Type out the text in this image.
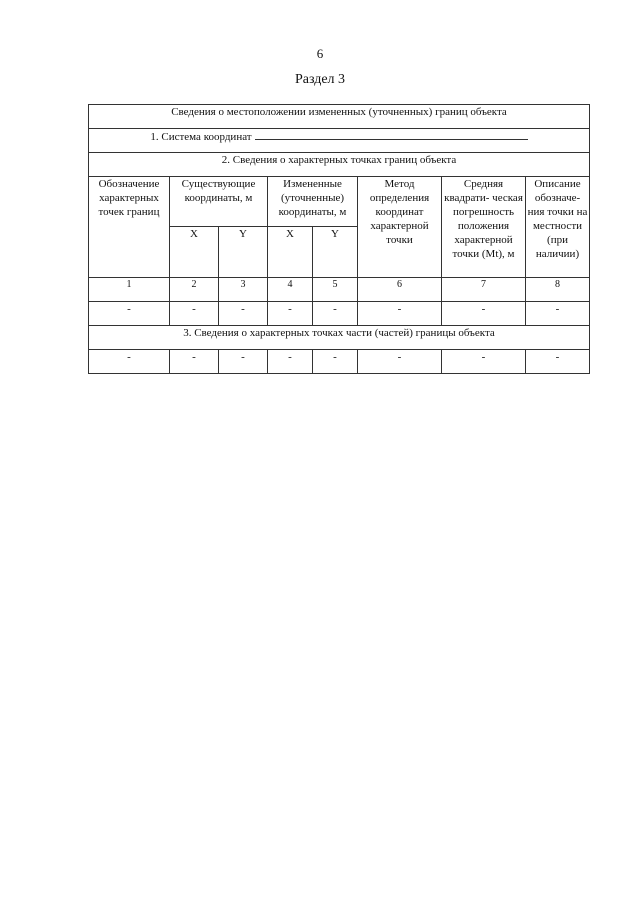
6
Раздел 3
Сведения о местоположении измененных (уточненных) границ объекта							
1. Система координат							
2. Сведения о характерных точках границ объекта							
Обозначение характерных точек границ	Существующие координаты, м		Измененные (уточненные) координаты, м		Метод определения координат характерной точки	Средняя квадрати- ческая погрешность положения характерной точки (Mt), м	Описание обозначе- ния точки на местности (при наличии)
	X	Y	X	Y			
1	2	3	4	5	6	7	8
-	-	-	-	-	-	-	-
3. Сведения о характерных точках части (частей) границы объекта							
-	-	-	-	-	-	-	-
